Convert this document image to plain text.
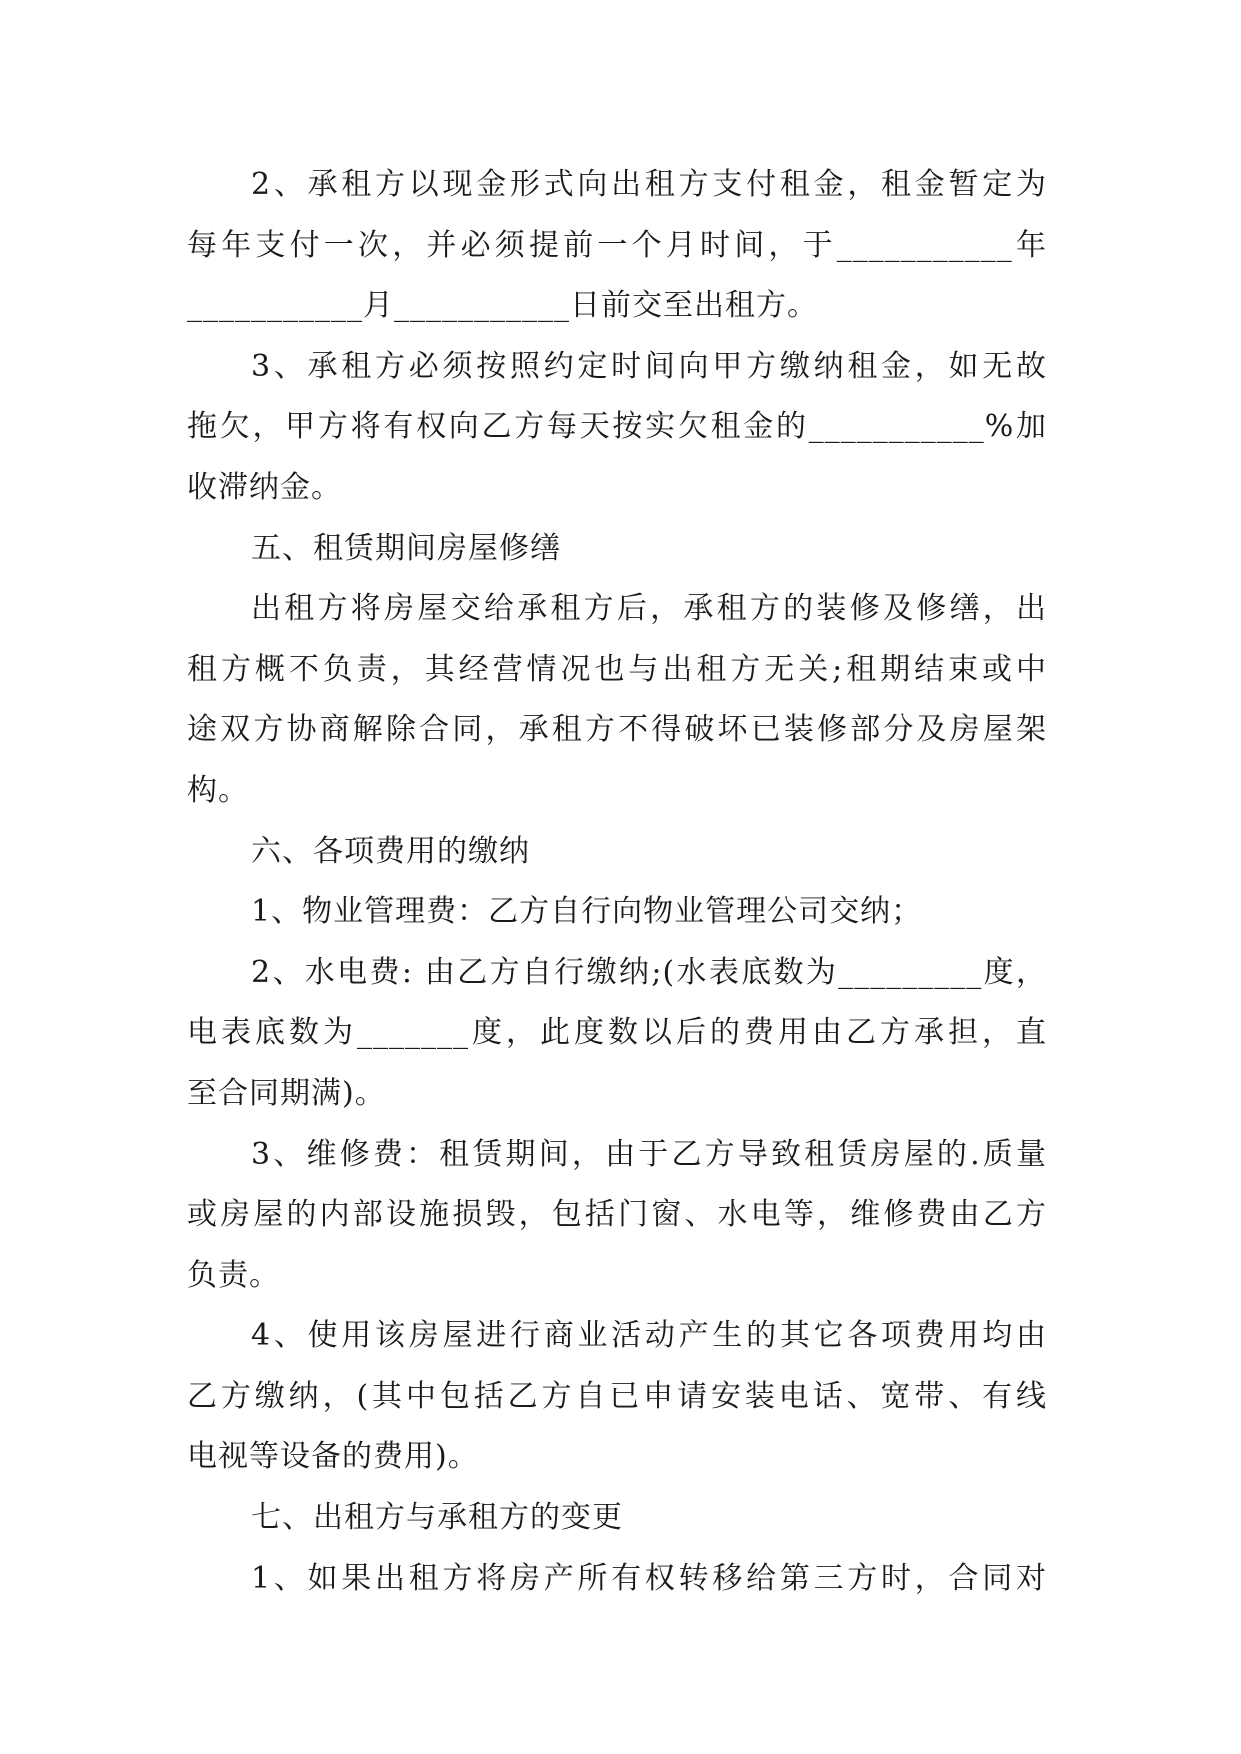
2、承租方以现金形式向出租方支付租金，租金暂定为
每年支付一次，并必须提前一个月时间，于___________年
___________月___________日前交至出租方。
3、承租方必须按照约定时间向甲方缴纳租金，如无故
拖欠，甲方将有权向乙方每天按实欠租金的___________%加
收滞纳金。
五、租赁期间房屋修缮
出租方将房屋交给承租方后，承租方的装修及修缮，出
租方概不负责，其经营情况也与出租方无关;租期结束或中
途双方协商解除合同，承租方不得破坏已装修部分及房屋架
构。
六、各项费用的缴纳
1、物业管理费：乙方自行向物业管理公司交纳；
2、水电费: 由乙方自行缴纳;(水表底数为_________度，
电表底数为_______度，此度数以后的费用由乙方承担，直
至合同期满)。
3、维修费：租赁期间，由于乙方导致租赁房屋的.质量
或房屋的内部设施损毁，包括门窗、水电等，维修费由乙方
负责。
4、使用该房屋进行商业活动产生的其它各项费用均由
乙方缴纳，(其中包括乙方自已申请安装电话、宽带、有线
电视等设备的费用)。
七、出租方与承租方的变更
1、如果出租方将房产所有权转移给第三方时，合同对
